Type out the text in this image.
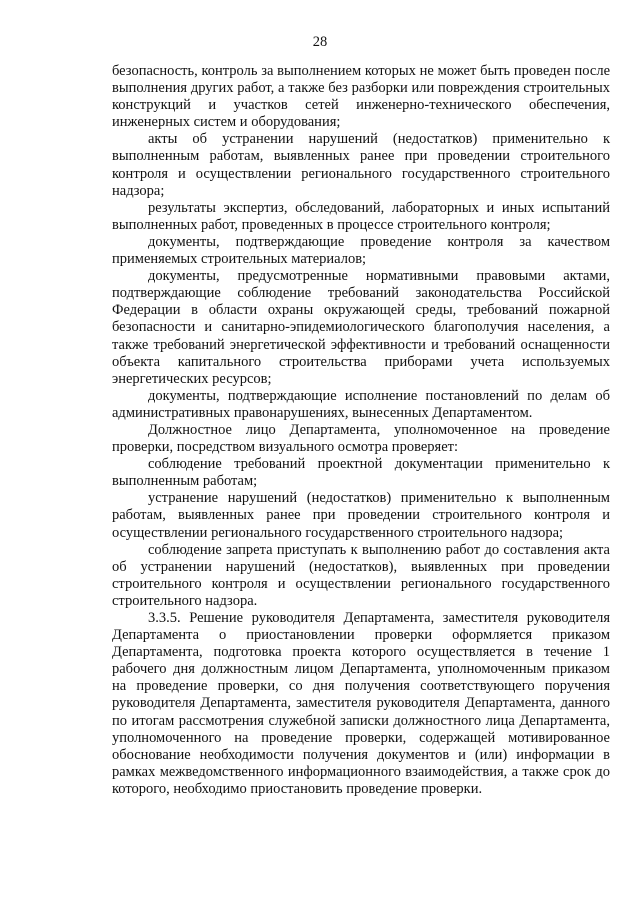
28

безопасность, контроль за выполнением которых не может быть проведен после выполнения других работ, а также без разборки или повреждения строительных конструкций и участков сетей инженерно-технического обеспечения, инженерных систем и оборудования;

акты об устранении нарушений (недостатков) применительно к выполненным работам, выявленных ранее при проведении строительного контроля и осуществлении регионального государственного строительного надзора;

результаты экспертиз, обследований, лабораторных и иных испытаний выполненных работ, проведенных в процессе строительного контроля;

документы, подтверждающие проведение контроля за качеством применяемых строительных материалов;

документы, предусмотренные нормативными правовыми актами, подтверждающие соблюдение требований законодательства Российской Федерации в области охраны окружающей среды, требований пожарной безопасности и санитарно-эпидемиологического благополучия населения, а также требований энергетической эффективности и требований оснащенности объекта капитального строительства приборами учета используемых энергетических ресурсов;

документы, подтверждающие исполнение постановлений по делам об административных правонарушениях, вынесенных Департаментом.

Должностное лицо Департамента, уполномоченное на проведение проверки, посредством визуального осмотра проверяет:

соблюдение требований проектной документации применительно к выполненным работам;

устранение нарушений (недостатков) применительно к выполненным работам, выявленных ранее при проведении строительного контроля и осуществлении регионального государственного строительного надзора;

соблюдение запрета приступать к выполнению работ до составления акта об устранении нарушений (недостатков), выявленных при проведении строительного контроля и осуществлении регионального государственного строительного надзора.

3.3.5. Решение руководителя Департамента, заместителя руководителя Департамента о приостановлении проверки оформляется приказом Департамента, подготовка проекта которого осуществляется в течение 1 рабочего дня должностным лицом Департамента, уполномоченным приказом на проведение проверки, со дня получения соответствующего поручения руководителя Департамента, заместителя руководителя Департамента, данного по итогам рассмотрения служебной записки должностного лица Департамента, уполномоченного на проведение проверки, содержащей мотивированное обоснование необходимости получения документов и (или) информации в рамках межведомственного информационного взаимодействия, а также срок до которого, необходимо приостановить проведение проверки.
